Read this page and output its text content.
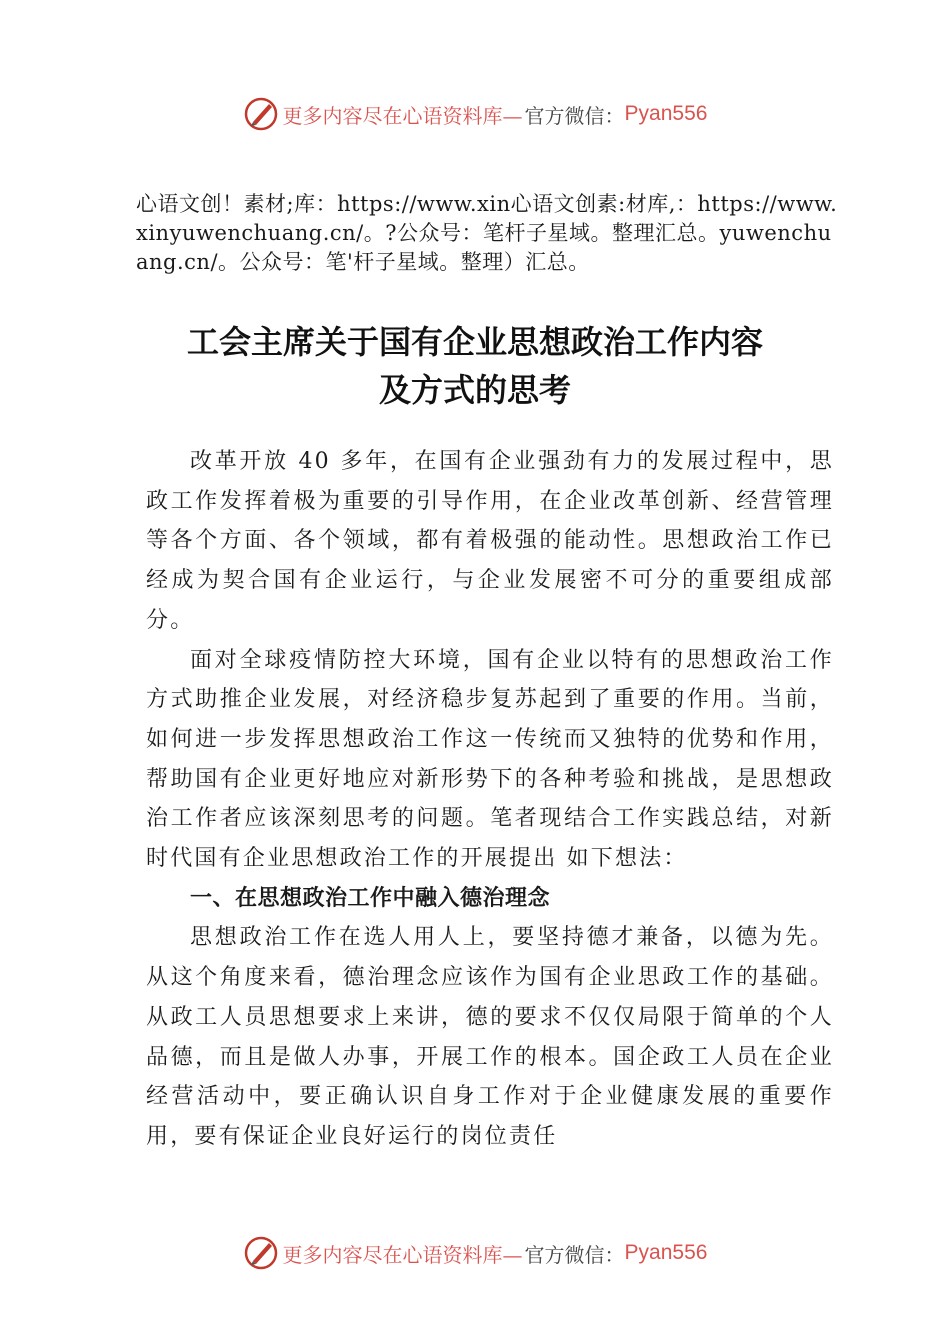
更多内容尽在心语资料库— 官方微信： Pyan556
心语文创！素材;库：https://www.xin心语文创素:材库,：https://www.xinyuwenchuang.cn/。?公众号：笔杆子星域。整理汇总。yuwenchuang.cn/。公众号：笔'杆子星域。整理）汇总。
工会主席关于国有企业思想政治工作内容
及方式的思考

改革开放 40 多年，在国有企业强劲有力的发展过程中，思政工作发挥着极为重要的引导作用，在企业改革创新、经营管理等各个方面、各个领域，都有着极强的能动性。思想政治工作已经成为契合国有企业运行，与企业发展密不可分的重要组成部分。

面对全球疫情防控大环境，国有企业以特有的思想政治工作方式助推企业发展，对经济稳步复苏起到了重要的作用。当前，如何进一步发挥思想政治工作这一传统而又独特的优势和作用，帮助国有企业更好地应对新形势下的各种考验和挑战，是思想政治工作者应该深刻思考的问题。笔者现结合工作实践总结，对新时代国有企业思想政治工作的开展提出 如下想法：

一、在思想政治工作中融入德治理念

思想政治工作在选人用人上，要坚持德才兼备，以德为先。从这个角度来看，德治理念应该作为国有企业思政工作的基础。从政工人员思想要求上来讲，德的要求不仅仅局限于简单的个人品德，而且是做人办事，开展工作的根本。国企政工人员在企业经营活动中，要正确认识自身工作对于企业健康发展的重要作用，要有保证企业良好运行的岗位责任

更多内容尽在心语资料库— 官方微信： Pyan556
